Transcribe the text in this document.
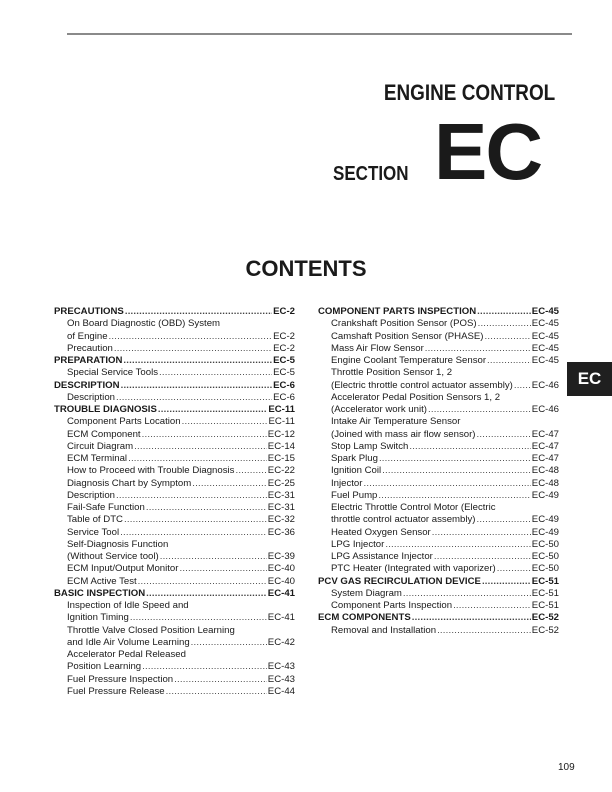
ENGINE CONTROL
SECTION EC
CONTENTS
PRECAUTIONS .....	EC-2
On Board Diagnostic (OBD) System
of Engine .....	EC-2
Precaution .....	EC-2
PREPARATION .....	EC-5
Special Service Tools .....	EC-5
DESCRIPTION .....	EC-6
Description .....	EC-6
TROUBLE DIAGNOSIS .....	EC-11
Component Parts Location .....	EC-11
ECM Component .....	EC-12
Circuit Diagram .....	EC-14
ECM Terminal .....	EC-15
How to Proceed with Trouble Diagnosis .....	EC-22
Diagnosis Chart by Symptom .....	EC-25
Description .....	EC-31
Fail-Safe Function .....	EC-31
Table of DTC .....	EC-32
Service Tool .....	EC-36
Self-Diagnosis Function
(Without Service tool) .....	EC-39
ECM Input/Output Monitor .....	EC-40
ECM Active Test .....	EC-40
BASIC INSPECTION .....	EC-41
Inspection of Idle Speed and
Ignition Timing .....	EC-41
Throttle Valve Closed Position Learning
and Idle Air Volume Learning .....	EC-42
Accelerator Pedal Released
Position Learning .....	EC-43
Fuel Pressure Inspection .....	EC-43
Fuel Pressure Release .....	EC-44
COMPONENT PARTS INSPECTION .....	EC-45
Crankshaft Position Sensor (POS) .....	EC-45
Camshaft Position Sensor (PHASE) .....	EC-45
Mass Air Flow Sensor .....	EC-45
Engine Coolant Temperature Sensor .....	EC-45
Throttle Position Sensor 1, 2
(Electric throttle control actuator assembly) ..... EC-46
Accelerator Pedal Position Sensors 1, 2
(Accelerator work unit) .....	EC-46
Intake Air Temperature Sensor
(Joined with mass air flow sensor) .....	EC-47
Stop Lamp Switch .....	EC-47
Spark Plug .....	EC-47
Ignition Coil .....	EC-48
Injector .....	EC-48
Fuel Pump .....	EC-49
Electric Throttle Control Motor (Electric
throttle control actuator assembly) .....	EC-49
Heated Oxygen Sensor .....	EC-49
LPG Injector .....	EC-50
LPG Assistance Injector .....	EC-50
PTC Heater (Integrated with vaporizer) .....	EC-50
PCV GAS RECIRCULATION DEVICE .....	EC-51
System Diagram .....	EC-51
Component Parts Inspection .....	EC-51
ECM COMPONENTS .....	EC-52
Removal and Installation .....	EC-52
EC
109
